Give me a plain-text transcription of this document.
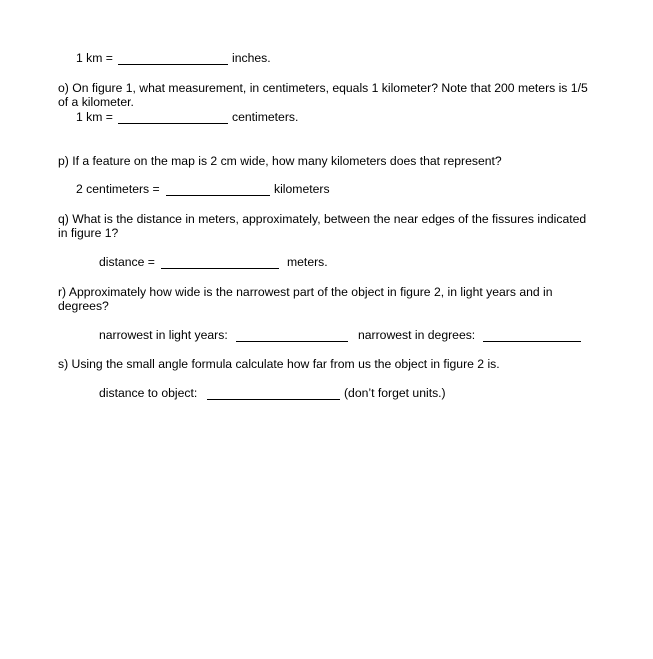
1 km =	inches.
o) On figure 1, what measurement, in centimeters, equals 1 kilometer? Note that 200 meters is 1/5 of a kilometer.
1 km =	centimeters.
p) If a feature on the map is 2 cm wide, how many kilometers does that represent?
2 centimeters =	kilometers
q) What is the distance in meters, approximately, between the near edges of the fissures indicated in figure 1?
distance =	meters.
r) Approximately how wide is the narrowest part of the object in figure 2, in light years and in degrees?
narrowest in light years:	narrowest in degrees:
s) Using the small angle formula calculate how far from us the object in figure 2 is.
distance to object:	(don’t forget units.)
